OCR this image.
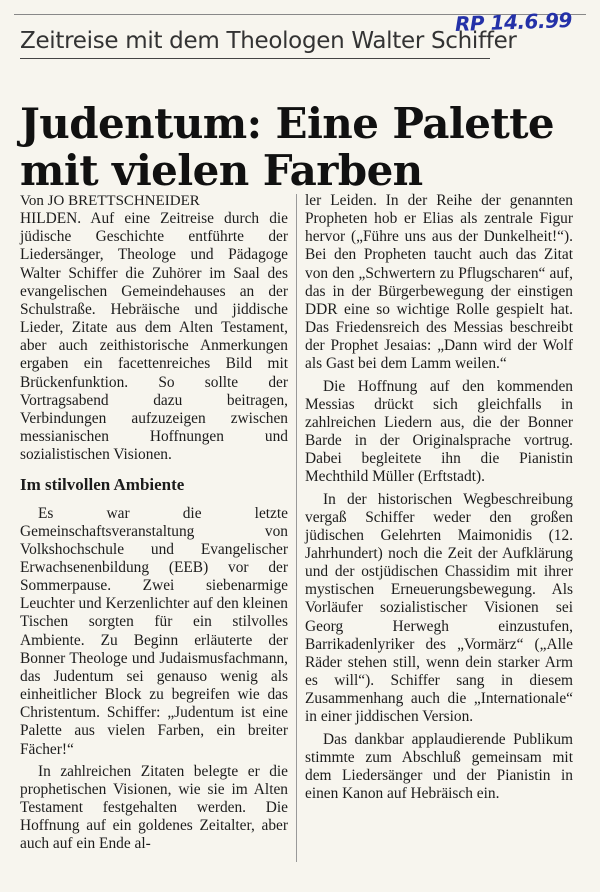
RP 14.6.99
Zeitreise mit dem Theologen Walter Schiffer
Judentum: Eine Palette mit vielen Farben

Von JO BRETTSCHNEIDER

HILDEN. Auf eine Zeitreise durch die jüdische Geschichte entführte der Liedersänger, Theologe und Pädagoge Walter Schiffer die Zuhörer im Saal des evangelischen Gemeindehauses an der Schulstraße. Hebräische und jiddische Lieder, Zitate aus dem Alten Testament, aber auch zeithistorische Anmerkungen ergaben ein facettenreiches Bild mit Brückenfunktion. So sollte der Vortragsabend dazu beitragen, Verbindungen aufzuzeigen zwischen messianischen Hoffnungen und sozialistischen Visionen.

Im stilvollen Ambiente

Es war die letzte Gemeinschaftsveranstaltung von Volkshochschule und Evangelischer Erwachsenenbildung (EEB) vor der Sommerpause. Zwei siebenarmige Leuchter und Kerzenlichter auf den kleinen Tischen sorgten für ein stilvolles Ambiente. Zu Beginn erläuterte der Bonner Theologe und Judaismusfachmann, das Judentum sei genauso wenig als einheitlicher Block zu begreifen wie das Christentum. Schiffer: „Judentum ist eine Palette aus vielen Farben, ein breiter Fächer!“

In zahlreichen Zitaten belegte er die prophetischen Visionen, wie sie im Alten Testament festgehalten werden. Die Hoffnung auf ein goldenes Zeitalter, aber auch auf ein Ende al-

ler Leiden. In der Reihe der genannten Propheten hob er Elias als zentrale Figur hervor („Führe uns aus der Dunkelheit!“). Bei den Propheten taucht auch das Zitat von den „Schwertern zu Pflugscharen“ auf, das in der Bürgerbewegung der einstigen DDR eine so wichtige Rolle gespielt hat. Das Friedensreich des Messias beschreibt der Prophet Jesaias: „Dann wird der Wolf als Gast bei dem Lamm weilen.“

Die Hoffnung auf den kommenden Messias drückt sich gleichfalls in zahlreichen Liedern aus, die der Bonner Barde in der Originalsprache vortrug. Dabei begleitete ihn die Pianistin Mechthild Müller (Erftstadt).

In der historischen Wegbeschreibung vergaß Schiffer weder den großen jüdischen Gelehrten Maimonidis (12. Jahrhundert) noch die Zeit der Aufklärung und der ostjüdischen Chassidim mit ihrer mystischen Erneuerungsbewegung. Als Vorläufer sozialistischer Visionen sei Georg Herwegh einzustufen, Barrikadenlyriker des „Vormärz“ („Alle Räder stehen still, wenn dein starker Arm es will“). Schiffer sang in diesem Zusammenhang auch die „Internationale“ in einer jiddischen Version.

Das dankbar applaudierende Publikum stimmte zum Abschluß gemeinsam mit dem Liedersänger und der Pianistin in einen Kanon auf Hebräisch ein.
